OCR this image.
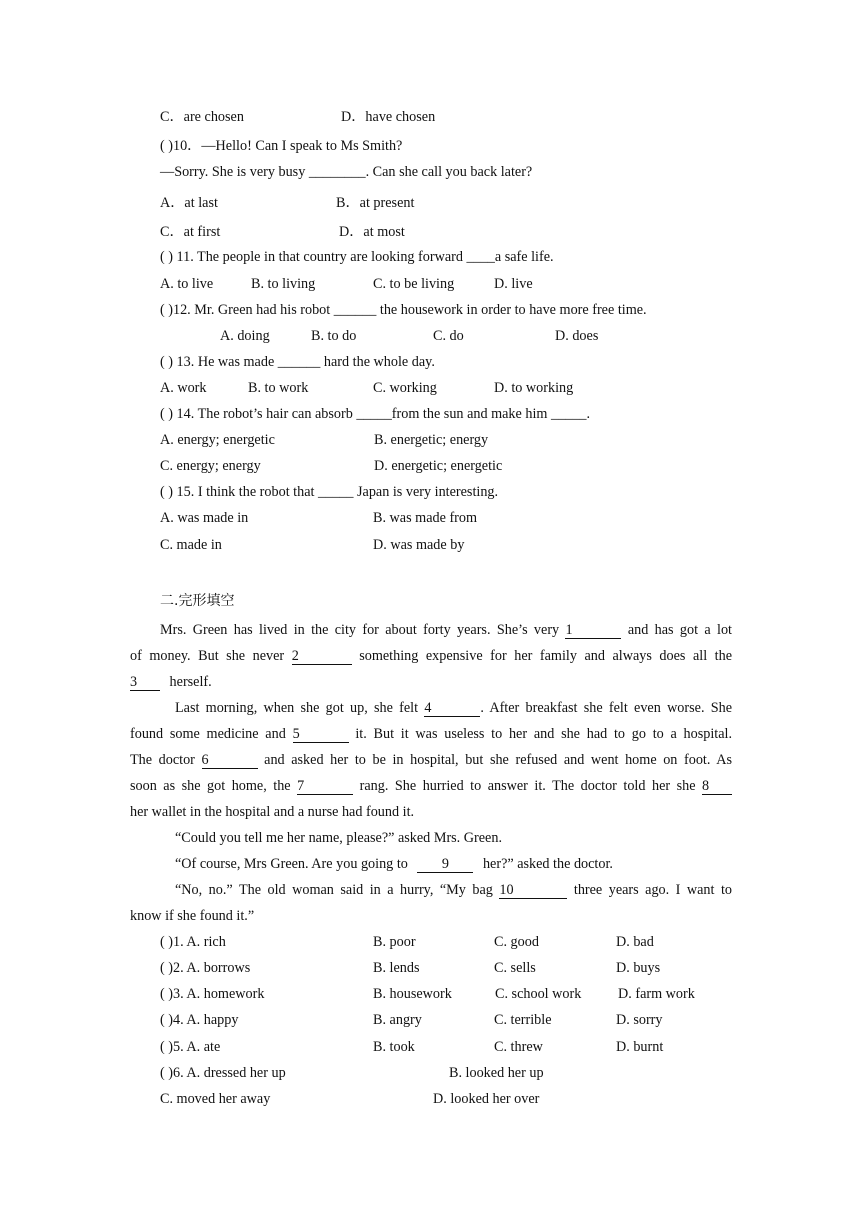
C．are chosen	D．have chosen
( )10．—Hello! Can I speak to Ms Smith?
—Sorry. She is very busy ________. Can she call you back later?
A．at last	B．at present
C．at first	D．at most
( ) 11. The people in that country are looking forward ____a safe life.
A. to live	B. to living	C. to be living	D. live
( )12. Mr. Green had his robot ______ the housework in order to have more free time.
A. doing	B. to do	C. do	D. does
( ) 13. He was made ______ hard the whole day.
A. work	B. to work	C. working	D. to working
( ) 14. The robot’s hair can absorb _____from the sun and make him _____.
A. energy; energetic	B. energetic; energy
C. energy; energy	D. energetic; energetic
( ) 15. I think the robot that _____ Japan is very interesting.
A. was made in	B. was made from
C. made in	D. was made by
二.完形填空
Mrs. Green has lived in the city for about forty years. She’s very 1	and has got a lot
of money. But she never 2	something expensive for her family and always does all the
3 herself.
Last morning, when she got up, she felt 4	. After breakfast she felt even worse. She
found some medicine and 5	it. But it was useless to her and she had to go to a hospital.
The doctor 6	and asked her to be in hospital, but she refused and went home on foot. As
soon as she got home, the 7	rang. She hurried to answer it. The doctor told her she 8
her wallet in the hospital and a nurse had found it.
“Could you tell me her name, please?” asked Mrs. Green.
“Of course, Mrs Green. Are you going to 9 her?” asked the doctor.
“No, no.” The old woman said in a hurry, “My bag 10	three years ago. I want to
know if she found it.”
( )1. A. rich	B. poor	C. good	D. bad
( )2. A. borrows	B. lends	C. sells	D. buys
( )3. A. homework	B. housework	C. school work	D. farm work
( )4. A. happy	B. angry	C. terrible	D. sorry
( )5. A. ate	B. took	C. threw	D. burnt
( )6. A. dressed her up	B. looked her up
C. moved her away	D. looked her over
